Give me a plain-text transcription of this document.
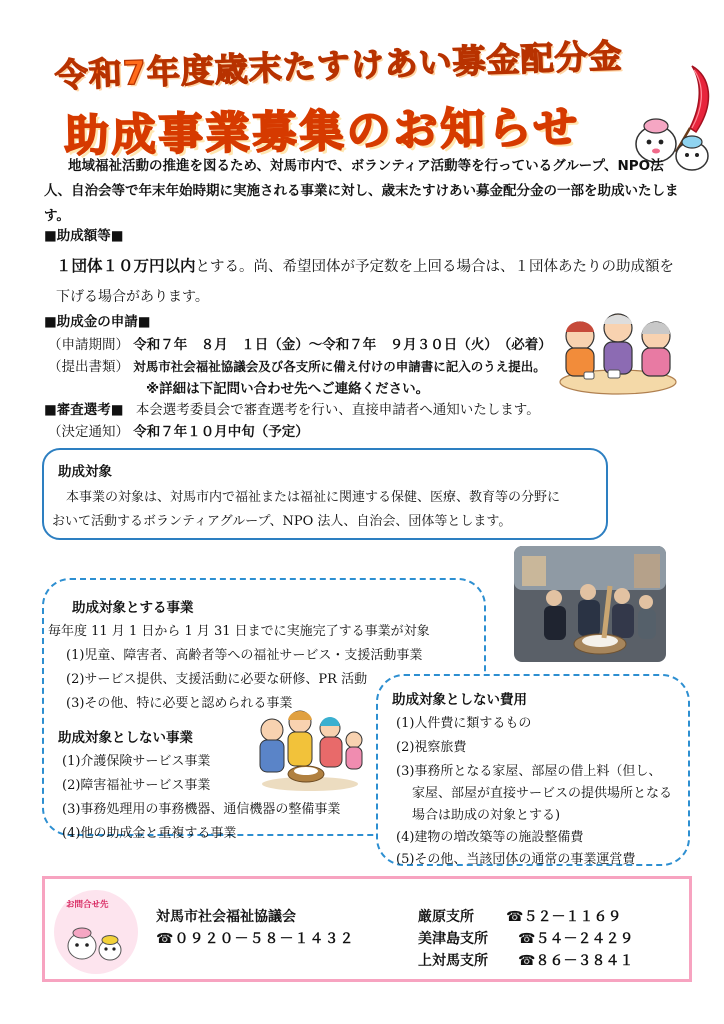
令和7年度歳末たすけあい募金配分金
助成事業募集のお知らせ
地域福祉活動の推進を図るため、対馬市内で、ボランティア活動等を行っているグループ、NPO法人、自治会等で年末年始時期に実施される事業に対し、歳末たすけあい募金配分金の一部を助成いたします。
■助成額等■
１団体１０万円以内とする。尚、希望団体が予定数を上回る場合は、１団体あたりの助成額を
下げる場合があります。
■助成金の申請■
（申請期間） 令和７年　８月　１日（金）～令和７年　９月３０日（火）　（必着）
（提出書類） 対馬市社会福祉協議会及び各支所に備え付けの申請書に記入のうえ提出。
※詳細は下記問い合わせ先へご連絡ください。
■審査選考■ 本会選考委員会で審査選考を行い、直接申請者へ通知いたします。
（決定通知） 令和７年１０月中旬（予定）
助成対象
本事業の対象は、対馬市内で福祉または福祉に関連する保健、医療、教育等の分野に
おいて活動するボランティアグループ、NPO 法人、自治会、団体等とします。
助成対象とする事業
毎年度 11 月 1 日から 1 月 31 日までに実施完了する事業が対象
(1)児童、障害者、高齢者等への福祉サービス・支援活動事業
(2)サービス提供、支援活動に必要な研修、PR 活動
(3)その他、特に必要と認められる事業
助成対象としない事業
(1)介護保険サービス事業
(2)障害福祉サービス事業
(3)事務処理用の事務機器、通信機器の整備事業
(4)他の助成金と重複する事業
助成対象としない費用
(1)人件費に類するもの
(2)視察旅費
(3)事務所となる家屋、部屋の借上料（但し、
家屋、部屋が直接サービスの提供場所となる
場合は助成の対象とする)
(4)建物の増改築等の施設整備費
(5)その他、当該団体の通常の事業運営費
お問合せ先
対馬市社会福祉協議会
☎０９２０－５８－１４３２
厳原支所 ☎５２－１１６９
美津島支所 ☎５４－２４２９
上対馬支所 ☎８６－３８４１
